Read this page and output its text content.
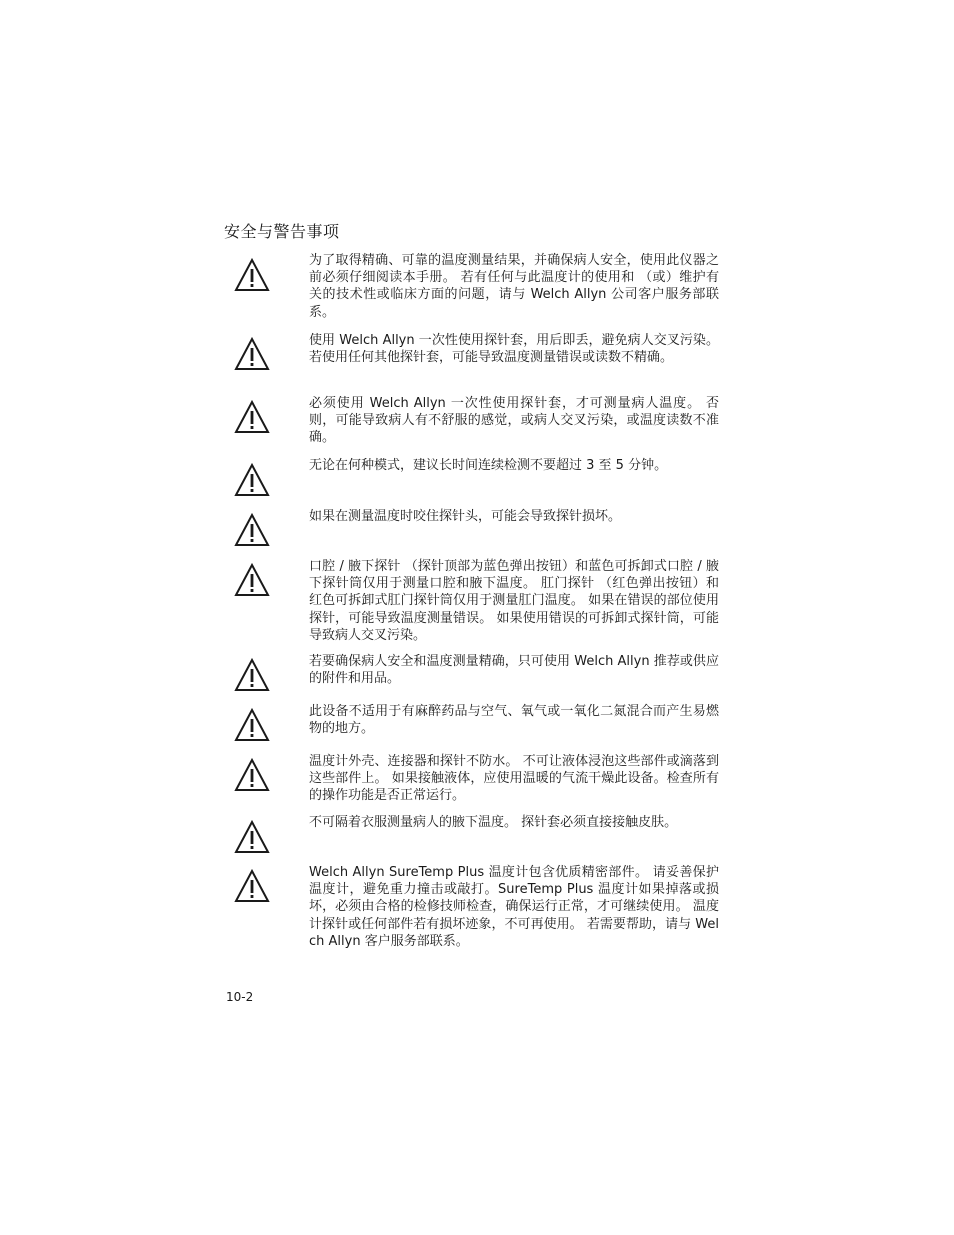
安全与警告事项

为了取得精确、可靠的温度测量结果，并确保病人安全，使用此仪器之前必须仔细阅读本手册。 若有任何与此温度计的使用和 （或）维护有关的技术性或临床方面的问题，请与 Welch Allyn 公司客户服务部联系。

使用 Welch Allyn 一次性使用探针套，用后即丢，避免病人交叉污染。若使用任何其他探针套，可能导致温度测量错误或读数不精确。

必须使用 Welch Allyn 一次性使用探针套，才可测量病人温度。 否则，可能导致病人有不舒服的感觉，或病人交叉污染，或温度读数不准确。

无论在何种模式，建议长时间连续检测不要超过 3 至 5 分钟。

如果在测量温度时咬住探针头，可能会导致探针损坏。

口腔 / 腋下探针 （探针顶部为蓝色弹出按钮）和蓝色可拆卸式口腔 / 腋下探针筒仅用于测量口腔和腋下温度。 肛门探针 （红色弹出按钮）和红色可拆卸式肛门探针筒仅用于测量肛门温度。 如果在错误的部位使用探针，可能导致温度测量错误。 如果使用错误的可拆卸式探针筒，可能导致病人交叉污染。

若要确保病人安全和温度测量精确，只可使用 Welch Allyn 推荐或供应的附件和用品。

此设备不适用于有麻醉药品与空气、氧气或一氧化二氮混合而产生易燃物的地方。

温度计外壳、连接器和探针不防水。 不可让液体浸泡这些部件或滴落到这些部件上。 如果接触液体，应使用温暖的气流干燥此设备。检查所有的操作功能是否正常运行。

不可隔着衣服测量病人的腋下温度。 探针套必须直接接触皮肤。

Welch Allyn SureTemp Plus 温度计包含优质精密部件。 请妥善保护温度计，避免重力撞击或敲打。SureTemp Plus 温度计如果掉落或损坏，必须由合格的检修技师检查，确保运行正常，才可继续使用。 温度计探针或任何部件若有损坏迹象，不可再使用。 若需要帮助，请与 Welch Allyn 客户服务部联系。

10-2
